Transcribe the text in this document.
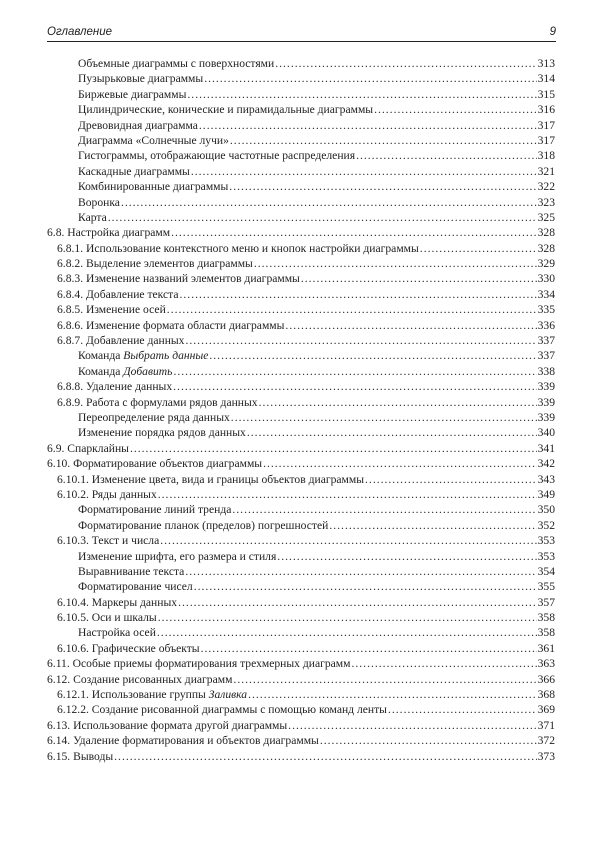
Оглавление	9
Объемные диаграммы с поверхностями .....	313
Пузырьковые диаграммы .....	314
Биржевые диаграммы .....	315
Цилиндрические, конические и пирамидальные диаграммы .....	316
Древовидная диаграмма .....	317
Диаграмма «Солнечные лучи» .....	317
Гистограммы, отображающие частотные распределения .....	318
Каскадные диаграммы .....	321
Комбинированные диаграммы .....	322
Воронка .....	323
Карта .....	325
6.8. Настройка диаграмм .....	328
6.8.1. Использование контекстного меню и кнопок настройки диаграммы .....	328
6.8.2. Выделение элементов диаграммы .....	329
6.8.3. Изменение названий элементов диаграммы .....	330
6.8.4. Добавление текста .....	334
6.8.5. Изменение осей .....	335
6.8.6. Изменение формата области диаграммы .....	336
6.8.7. Добавление данных .....	337
Команда Выбрать данные .....	337
Команда Добавить .....	338
6.8.8. Удаление данных .....	339
6.8.9. Работа с формулами рядов данных .....	339
Переопределение ряда данных .....	339
Изменение порядка рядов данных .....	340
6.9. Спарклайны .....	341
6.10. Форматирование объектов диаграммы .....	342
6.10.1. Изменение цвета, вида и границы объектов диаграммы .....	343
6.10.2. Ряды данных .....	349
Форматирование линий тренда .....	350
Форматирование планок (пределов) погрешностей .....	352
6.10.3. Текст и числа .....	353
Изменение шрифта, его размера и стиля .....	353
Выравнивание текста .....	354
Форматирование чисел .....	355
6.10.4. Маркеры данных .....	357
6.10.5. Оси и шкалы .....	358
Настройка осей .....	358
6.10.6. Графические объекты .....	361
6.11. Особые приемы форматирования трехмерных диаграмм .....	363
6.12. Создание рисованных диаграмм .....	366
6.12.1. Использование группы Заливка .....	368
6.12.2. Создание рисованной диаграммы с помощью команд ленты .....	369
6.13. Использование формата другой диаграммы .....	371
6.14. Удаление форматирования и объектов диаграммы .....	372
6.15. Выводы .....	373
